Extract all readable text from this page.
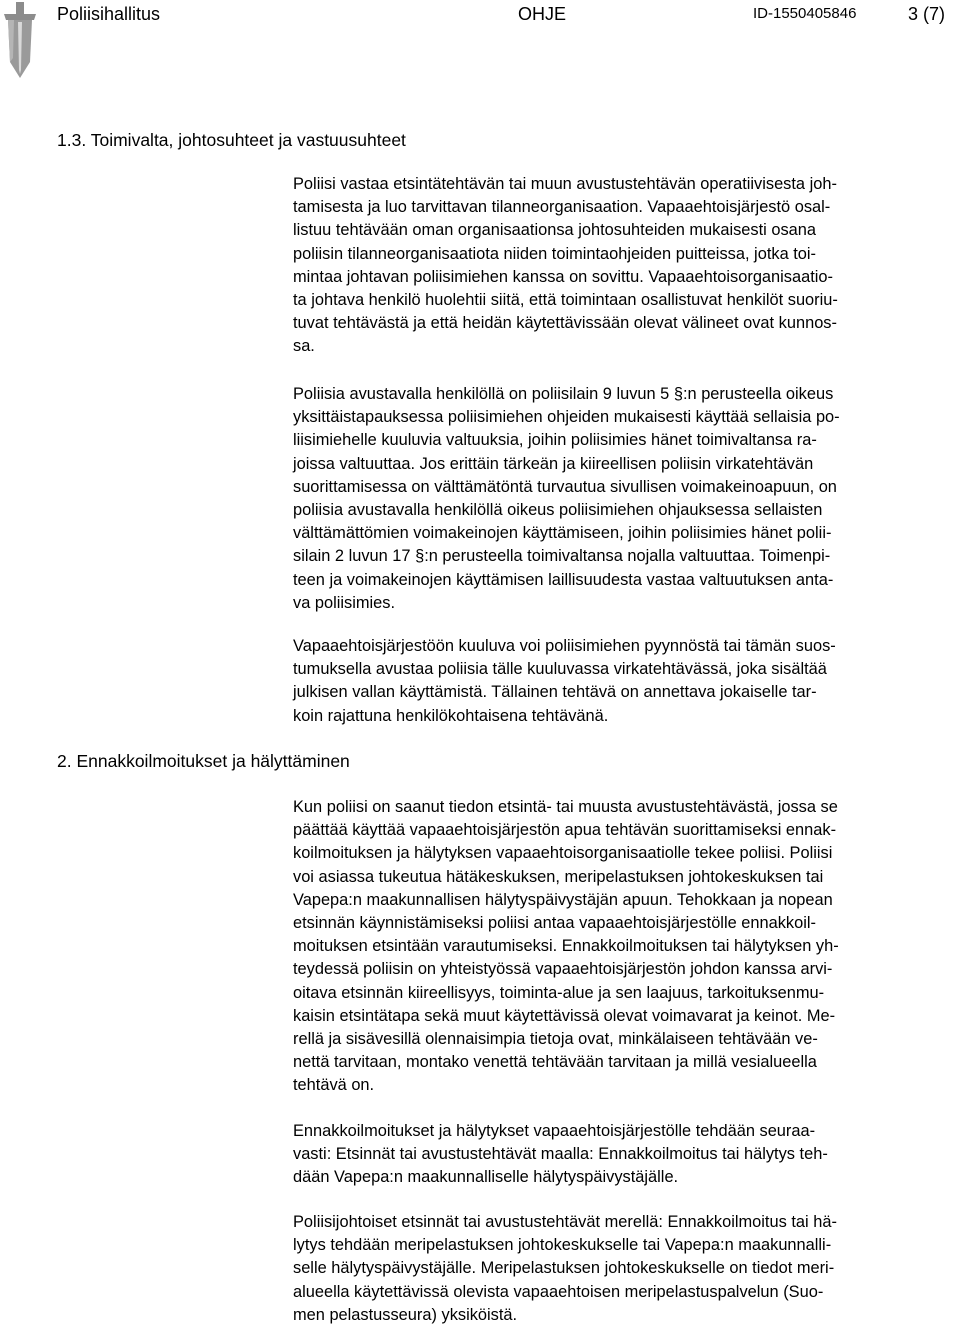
Poliisihallitus	OHJE	ID-1550405846	3 (7)
1.3. Toimivalta, johtosuhteet ja vastuusuhteet
Poliisi vastaa etsintätehtävän tai muun avustustehtävän operatiivisesta joh-
tamisesta ja luo tarvittavan tilanneorganisaation. Vapaaehtoisjärjestö osal-
listuu tehtävään oman organisaationsa johtosuhteiden mukaisesti osana
poliisin tilanneorganisaatiota niiden toimintaohjeiden puitteissa, jotka toi-
mintaa johtavan poliisimiehen kanssa on sovittu. Vapaaehtoisorganisaatio-
ta johtava henkilö huolehtii siitä, että toimintaan osallistuvat henkilöt suoriu-
tuvat tehtävästä ja että heidän käytettävissään olevat välineet ovat kunnos-
sa.
Poliisia avustavalla henkilöllä on poliisilain 9 luvun 5 §:n perusteella oikeus
yksittäistapauksessa poliisimiehen ohjeiden mukaisesti käyttää sellaisia po-
liisimiehelle kuuluvia valtuuksia, joihin poliisimies hänet toimivaltansa ra-
joissa valtuuttaa. Jos erittäin tärkeän ja kiireellisen poliisin virkatehtävän
suorittamisessa on välttämätöntä turvautua sivullisen voimakeinoapuun, on
poliisia avustavalla henkilöllä oikeus poliisimiehen ohjauksessa sellaisten
välttämättömien voimakeinojen käyttämiseen, joihin poliisimies hänet polii-
silain 2 luvun 17 §:n perusteella toimivaltansa nojalla valtuuttaa. Toimenpi-
teen ja voimakeinojen käyttämisen laillisuudesta vastaa valtuutuksen anta-
va poliisimies.
Vapaaehtoisjärjestöön kuuluva voi poliisimiehen pyynnöstä tai tämän suos-
tumuksella avustaa poliisia tälle kuuluvassa virkatehtävässä, joka sisältää
julkisen vallan käyttämistä. Tällainen tehtävä on annettava jokaiselle tar-
koin rajattuna henkilökohtaisena tehtävänä.
2. Ennakkoilmoitukset ja hälyttäminen
Kun poliisi on saanut tiedon etsintä- tai muusta avustustehtävästä, jossa se
päättää käyttää vapaaehtoisjärjestön apua tehtävän suorittamiseksi ennak-
koilmoituksen ja hälytyksen vapaaehtoisorganisaatiolle tekee poliisi. Poliisi
voi asiassa tukeutua hätäkeskuksen, meripelastuksen johtokeskuksen tai
Vapepa:n maakunnallisen hälytyspäivystäjän apuun. Tehokkaan ja nopean
etsinnän käynnistämiseksi poliisi antaa vapaaehtoisjärjestölle ennakkoil-
moituksen etsintään varautumiseksi. Ennakkoilmoituksen tai hälytyksen yh-
teydessä poliisin on yhteistyössä vapaaehtoisjärjestön johdon kanssa arvi-
oitava etsinnän kiireellisyys, toiminta-alue ja sen laajuus, tarkoituksenmu-
kaisin etsintätapa sekä muut käytettävissä olevat voimavarat ja keinot. Me-
rellä ja sisävesillä olennaisimpia tietoja ovat, minkälaiseen tehtävään ve-
nettä tarvitaan, montako venettä tehtävään tarvitaan ja millä vesialueella
tehtävä on.
Ennakkoilmoitukset ja hälytykset vapaaehtoisjärjestölle tehdään seuraa-
vasti: Etsinnät tai avustustehtävät maalla: Ennakkoilmoitus tai hälytys teh-
dään Vapepa:n maakunnalliselle hälytyspäivystäjälle.
Poliisijohtoiset etsinnät tai avustustehtävät merellä: Ennakkoilmoitus tai hä-
lytys tehdään meripelastuksen johtokeskukselle tai Vapepa:n maakunnalli-
selle hälytyspäivystäjälle. Meripelastuksen johtokeskukselle on tiedot meri-
alueella käytettävissä olevista vapaaehtoisen meripelastuspalvelun (Suo-
men pelastusseura) yksiköistä.
